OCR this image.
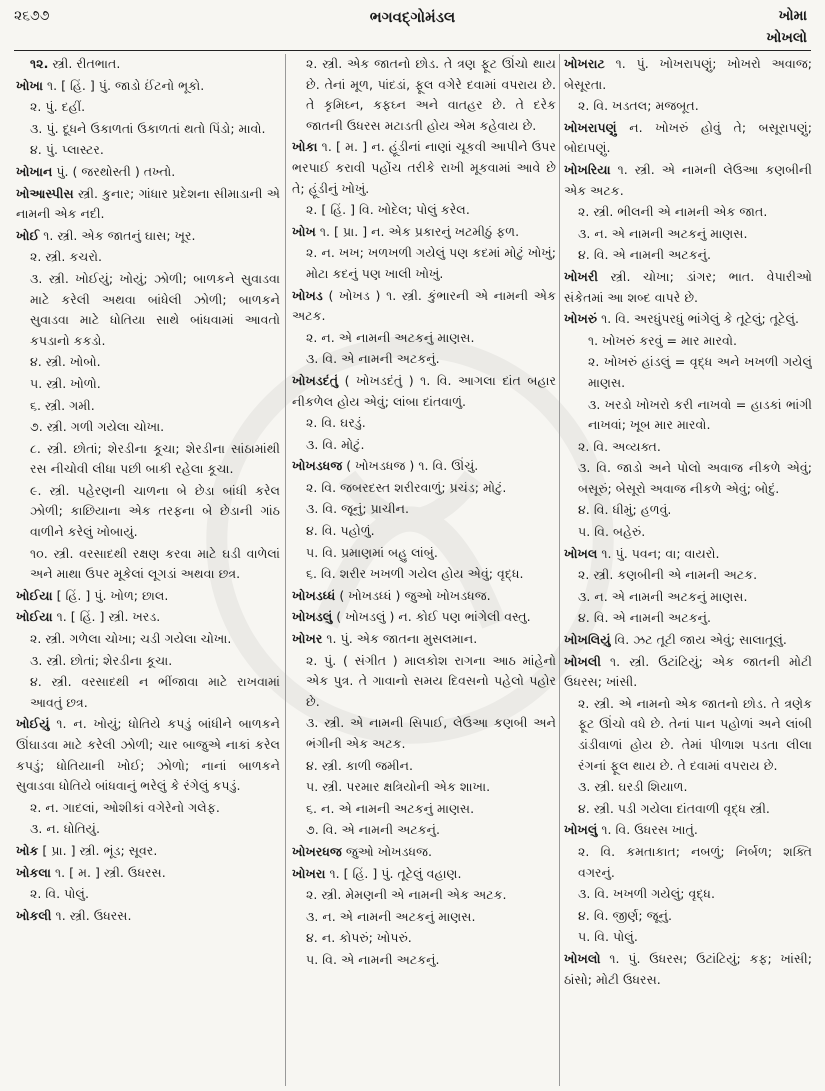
૨૬૭૭	ભગવદ્ગોમંડલ	ખોમા
ખોખલો

૧૨. સ્ત્રી. રીતભાત.

ખોખા ૧. [ હિં. ] પું. જાડો ઈંટનો ભૂકો.

૨. પું. દહીં.

૩. પું. દૂધને ઉકાળતાં ઉકાળતાં થતો પિંડો; માવો.

૪. પું. પ્લાસ્ટર.

ખોખાન પું. ( જરથોસ્તી ) તખ્તો.

ખોઆસ્પીસ સ્ત્રી. કુનાર; ગાંધાર પ્રદેશના સીમાડાની એ નામની એક નદી.

ખોઈ ૧. સ્ત્રી. એક જાતનું ઘાસ; ખૂર.

૨. સ્ત્રી. કચરો.

૩. સ્ત્રી. ખોઈયું; ખોયું; ઝોળી; બાળકને સુવાડવા માટે કરેલી અથવા બાંધેલી ઝોળી; બાળકને સુવાડવા માટે ધોતિયા સાથે બાંધવામાં આવતો કપડાનો કકડો.

૪. સ્ત્રી. ખોબો.

૫. સ્ત્રી. ખોળો.

૬. સ્ત્રી. ગમી.

૭. સ્ત્રી. ગળી ગયેલા ચોખા.

૮. સ્ત્રી. છોતાં; શેરડીના કૂચા; શેરડીના સાંઠામાંથી રસ નીચોવી લીધા પછી બાકી રહેલા કૂચા.

૯. સ્ત્રી. પહેરણની ચાળના બે છેડા બાંધી કરેલ ઝોળી; કાછિયાના એક તરફના બે છેડાની ગાંઠ વાળીને કરેલું ખોબાયું.

૧૦. સ્ત્રી. વરસાદથી રક્ષણ કરવા માટે ઘડી વાળેલાં અને માથા ઉપર મૂકેલાં લૂગડાં અથવા છત્ર.

ખોઈયા [ હિં. ] પું. ખોળ; છાલ.

ખોઈયા ૧. [ હિં. ] સ્ત્રી. ખરડ.

૨. સ્ત્રી. ગળેલા ચોખા; ચડી ગયેલા ચોખા.

૩. સ્ત્રી. છોતાં; શેરડીના કૂચા.

૪. સ્ત્રી. વરસાદથી ન ભીંજાવા માટે રાખવામાં આવતું છત્ર.

ખોઈયું ૧. ન. ખોયું; ધોતિયે કપડું બાંધીને બાળકને ઊંઘાડવા માટે કરેલી ઝોળી; ચાર બાજુએ નાકાં કરેલ કપડું; ધોતિયાની ખોઈ; ઝોળો; નાનાં બાળકને સુવાડવા ધોતિયે બાંધવાનું ભરેલું કે રંગેલું કપડું.

૨. ન. ગાદલાં, ઓશીકાં વગેરેનો ગલેફ.

૩. ન. ધોતિયું.

ખોક [ પ્રા. ] સ્ત્રી. ભૂંડ; સૂવર.

ખોકલા ૧. [ મ. ] સ્ત્રી. ઉધરસ.

૨. વિ. પોલું.

ખોકલી ૧. સ્ત્રી. ઉધરસ.

૨. સ્ત્રી. એક જાતનો છોડ. તે ત્રણ ફૂટ ઊંચો થાય છે. તેનાં મૂળ, પાંદડાં, ફૂલ વગેરે દવામાં વપરાય છે. તે કૃમિઘ્ન, કફઘ્ન અને વાતહર છે. તે દરેક જાતની ઉધરસ મટાડતી હોય એમ કહેવાય છે.

ખોકા ૧. [ મ. ] ન. હૂંડીનાં નાણાં ચૂકવી આપીને ઉપર ભરપાઈ કરાવી પહોંચ તરીકે રાખી મૂકવામાં આવે છે તે; હૂંડીનું ખોખું.

૨. [ હિં. ] વિ. ખોદેલ; પોલું કરેલ.

ખોખ ૧. [ પ્રા. ] ન. એક પ્રકારનું ખટમીઠું ફળ.

૨. ન. ખખ; ખળખળી ગયેલું પણ કદમાં મોટું ખોખું; મોટા કદનું પણ ખાલી ખોખું.

ખોખડ ( ખોખડ ) ૧. સ્ત્રી. કુંભારની એ નામની એક અટક.

૨. ન. એ નામની અટકનું માણસ.

૩. વિ. એ નામની અટકનું.

ખોખડદંતું ( ખોખડદંતું ) ૧. વિ. આગલા દાંત બહાર નીકળેલ હોય એવું; લાંબા દાંતવાળું.

૨. વિ. ઘરડું.

૩. વિ. મોટું.

ખોખડધજ ( ખોખડધજ ) ૧. વિ. ઊંચું.

૨. વિ. જબરદસ્ત શરીરવાળું; પ્રચંડ; મોટું.

૩. વિ. જૂનું; પ્રાચીન.

૪. વિ. પહોળું.

૫. વિ. પ્રમાણમાં બહુ લાંબું.

૬. વિ. શરીર ખખળી ગયેલ હોય એવું; વૃદ્ધ.

ખોખડધ્ધં ( ખોખડધ્ધં ) જુઓ ખોખડધજ.

ખોખડલું ( ખોખડલું ) ન. કોઈ પણ ભાંગેલી વસ્તુ.

ખોખર ૧. પું. એક જાતના મુસલમાન.

૨. પું. ( સંગીત ) માલકોશ રાગના આઠ માંહેનો એક પુત્ર. તે ગાવાનો સમય દિવસનો પહેલો પહોર છે.

૩. સ્ત્રી. એ નામની સિપાઈ, લેઉઆ કણબી અને ભંગીની એક અટક.

૪. સ્ત્રી. કાળી જમીન.

૫. સ્ત્રી. પરમાર ક્ષત્રિયોની એક શાખા.

૬. ન. એ નામની અટકનું માણસ.

૭. વિ. એ નામની અટકનું.

ખોખરધજ જુઓ ખોખડધજ.

ખોખરા ૧. [ હિં. ] પું. તૂટેલું વહાણ.

૨. સ્ત્રી. મેમણની એ નામની એક અટક.

૩. ન. એ નામની અટકનું માણસ.

૪. ન. કોપરું; ખોપરું.

૫. વિ. એ નામની અટકનું.

ખોખરાટ ૧. પું. ખોખરાપણું; ખોખરો અવાજ; બેસૂરતા.

૨. વિ. ખડતલ; મજબૂત.

ખોખરાપણું ન. ખોખરું હોવું તે; બસૂરાપણું; બોદાપણું.

ખોખરિયા ૧. સ્ત્રી. એ નામની લેઉઆ કણબીની એક અટક.

૨. સ્ત્રી. ભીલની એ નામની એક જાત.

૩. ન. એ નામની અટકનું માણસ.

૪. વિ. એ નામની અટકનું.

ખોખરી સ્ત્રી. ચોખા; ડાંગર; ભાત. વેપારીઓ સંકેતમાં આ શબ્દ વાપરે છે.

ખોખરું ૧. વિ. અરધુંપરધું ભાંગેલું કે તૂટેલું; તૂટેલું.

૧. ખોખરું કરવું = માર મારવો.

૨. ખોખરું હાંડલું = વૃદ્ધ અને ખખળી ગયેલું માણસ.

૩. ખરડો ખોખરો કરી નાખવો = હાડકાં ભાંગી નાખવાં; ખૂબ માર મારવો.

૨. વિ. અવ્યક્ત.

૩. વિ. જાડો અને પોલો અવાજ નીકળે એવું; બસૂરું; બેસૂરો અવાજ નીકળે એવું; બોદું.

૪. વિ. ધીમું; હળવું.

૫. વિ. બહેરું.

ખોખલ ૧. પું. પવન; વા; વાયરો.

૨. સ્ત્રી. કણબીની એ નામની અટક.

૩. ન. એ નામની અટકનું માણસ.

૪. વિ. એ નામની અટકનું.

ખોખલિયું વિ. ઝટ તૂટી જાય એવું; સાલાતૂલું.

ખોખલી ૧. સ્ત્રી. ઉટાંટિયું; એક જાતની મોટી ઉધરસ; ખાંસી.

૨. સ્ત્રી. એ નામનો એક જાતનો છોડ. તે ત્રણેક ફૂટ ઊંચો વધે છે. તેનાં પાન પહોળાં અને લાંબી ડાંડીવાળાં હોય છે. તેમાં પીળાશ પડતા લીલા રંગનાં ફૂલ થાય છે. તે દવામાં વપરાય છે.

૩. સ્ત્રી. ઘરડી શિયાળ.

૪. સ્ત્રી. પડી ગયેલા દાંતવાળી વૃદ્ધ સ્ત્રી.

ખોખલું ૧. વિ. ઉધરસ ખાતું.

૨. વિ. કમતાકાત; નબળું; નિર્બળ; શક્તિ વગરનું.

૩. વિ. ખખળી ગયેલું; વૃદ્ધ.

૪. વિ. જીર્ણ; જૂનું.

૫. વિ. પોલું.

ખોખલો ૧. પું. ઉધરસ; ઉટાંટિયું; કફ; ખાંસી; ઠાંસો; મોટી ઉધરસ.
